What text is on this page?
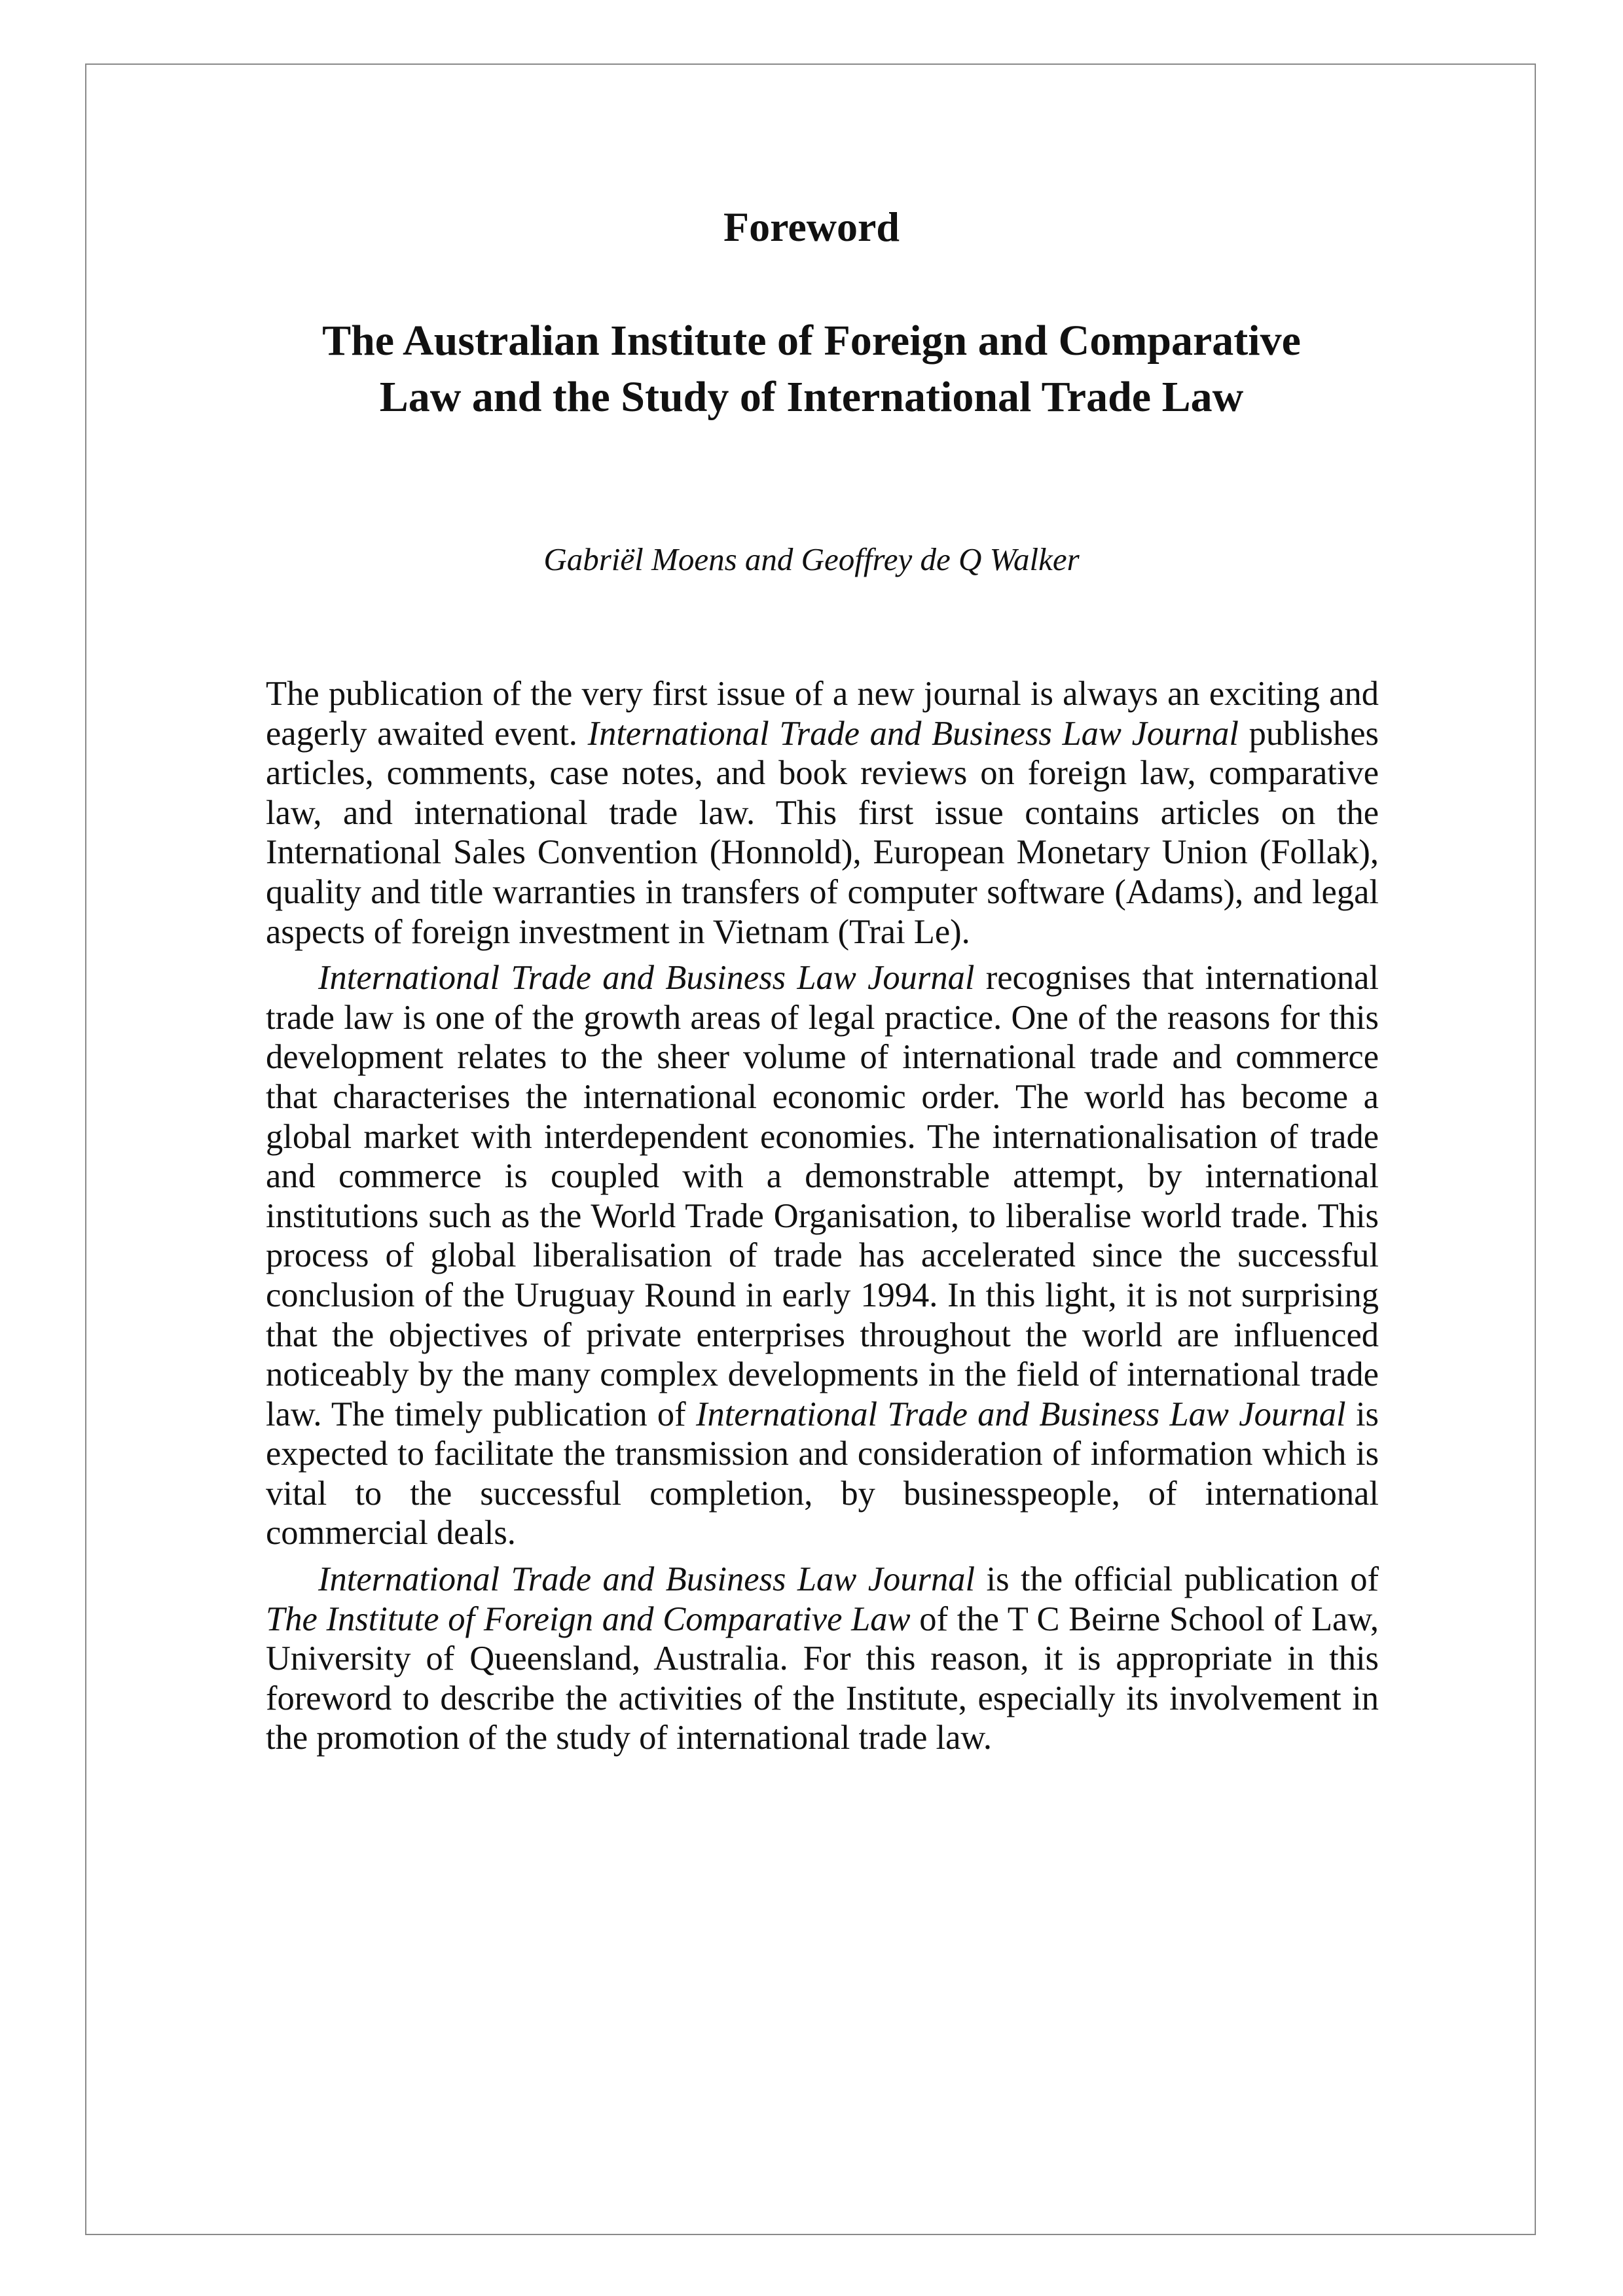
Foreword
The Australian Institute of Foreign and Comparative
Law and the Study of International Trade Law

Gabriël Moens and Geoffrey de Q Walker

The publication of the very first issue of a new journal is always an exciting and eagerly awaited event. International Trade and Business Law Journal publishes articles, comments, case notes, and book reviews on foreign law, comparative law, and international trade law. This first issue contains articles on the International Sales Convention (Honnold), European Monetary Union (Follak), quality and title warranties in transfers of computer software (Adams), and legal aspects of foreign investment in Vietnam (Trai Le).

International Trade and Business Law Journal recognises that international trade law is one of the growth areas of legal practice. One of the reasons for this development relates to the sheer volume of international trade and commerce that characterises the international economic order. The world has become a global market with interdependent economies. The internationalisation of trade and commerce is coupled with a demonstrable attempt, by international institutions such as the World Trade Organisation, to liberalise world trade. This process of global liberalisation of trade has accelerated since the successful conclusion of the Uruguay Round in early 1994. In this light, it is not surprising that the objectives of private enterprises throughout the world are influenced noticeably by the many complex developments in the field of international trade law. The timely publication of International Trade and Business Law Journal is expected to facilitate the transmission and consideration of information which is vital to the successful completion, by businesspeople, of international commercial deals.

International Trade and Business Law Journal is the official publication of The Institute of Foreign and Comparative Law of the T C Beirne School of Law, University of Queensland, Australia. For this reason, it is appropriate in this foreword to describe the activities of the Institute, especially its involvement in the promotion of the study of international trade law.
